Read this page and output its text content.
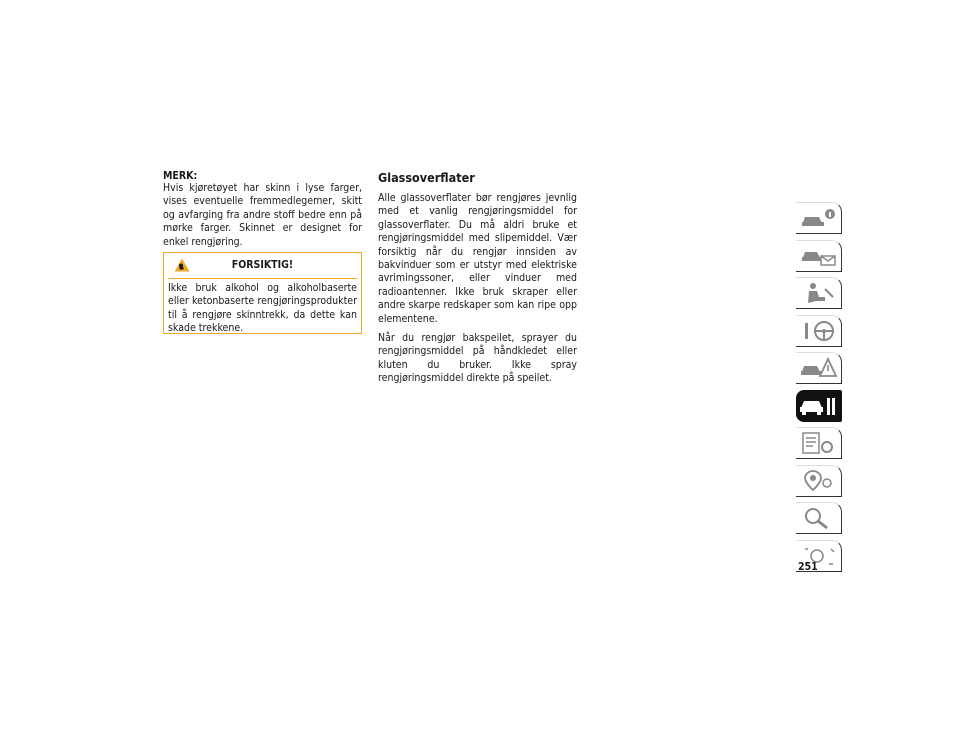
MERK:

Hvis kjøretøyet har skinn i lyse farger, vises eventuelle fremmedlegemer, skitt og avfarging fra andre stoff bedre enn på mørke farger. Skinnet er designet for enkel rengjøring.

FORSIKTIG!
Ikke bruk alkohol og alkoholbaserte eller ketonbaserte rengjøringsprodukter til å rengjøre skinntrekk, da dette kan skade trekkene.
Glassoverflater

Alle glassoverflater bør rengjøres jevnlig med et vanlig rengjøringsmiddel for glassoverflater. Du må aldri bruke et rengjøringsmiddel med slipemiddel. Vær forsiktig når du rengjør innsiden av bakvinduer som er utstyr med elektriske avrimingssoner, eller vinduer med radioantenner. Ikke bruk skraper eller andre skarpe redskaper som kan ripe opp elementene.

Når du rengjør bakspeilet, sprayer du rengjøringsmiddel på håndkledet eller kluten du bruker. Ikke spray rengjøringsmiddel direkte på speilet.

251
